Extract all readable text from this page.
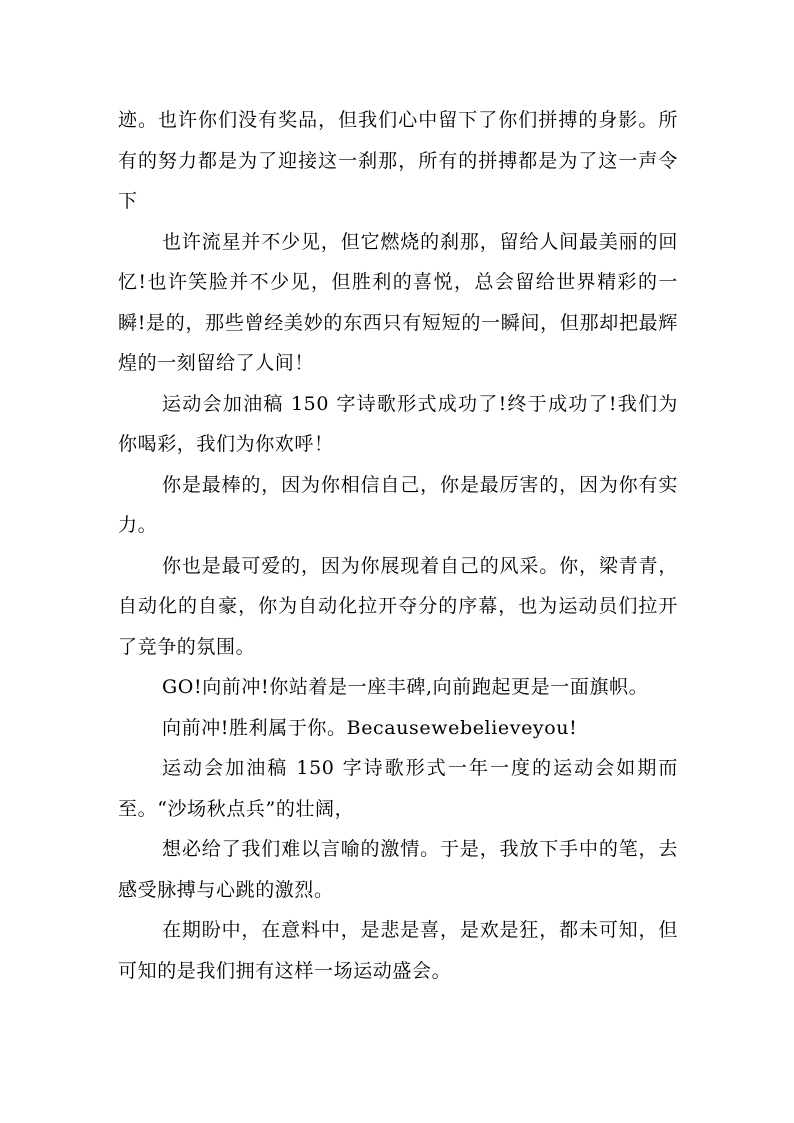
迹。也许你们没有奖品，但我们心中留下了你们拼搏的身影。所有的努力都是为了迎接这一刹那，所有的拼搏都是为了这一声令下

也许流星并不少见，但它燃烧的刹那，留给人间最美丽的回忆!也许笑脸并不少见，但胜利的喜悦，总会留给世界精彩的一瞬!是的，那些曾经美妙的东西只有短短的一瞬间，但那却把最辉煌的一刻留给了人间！

运动会加油稿 150 字诗歌形式成功了!终于成功了!我们为你喝彩，我们为你欢呼！

你是最棒的，因为你相信自己，你是最厉害的，因为你有实力。

你也是最可爱的，因为你展现着自己的风采。你，梁青青，自动化的自豪，你为自动化拉开夺分的序幕，也为运动员们拉开了竞争的氛围。

GO!向前冲!你站着是一座丰碑,向前跑起更是一面旗帜。

向前冲!胜利属于你。Becausewebelieveyou!

运动会加油稿 150 字诗歌形式一年一度的运动会如期而至。“沙场秋点兵”的壮阔，

想必给了我们难以言喻的激情。于是，我放下手中的笔，去感受脉搏与心跳的激烈。

在期盼中，在意料中，是悲是喜，是欢是狂，都未可知，但可知的是我们拥有这样一场运动盛会。
